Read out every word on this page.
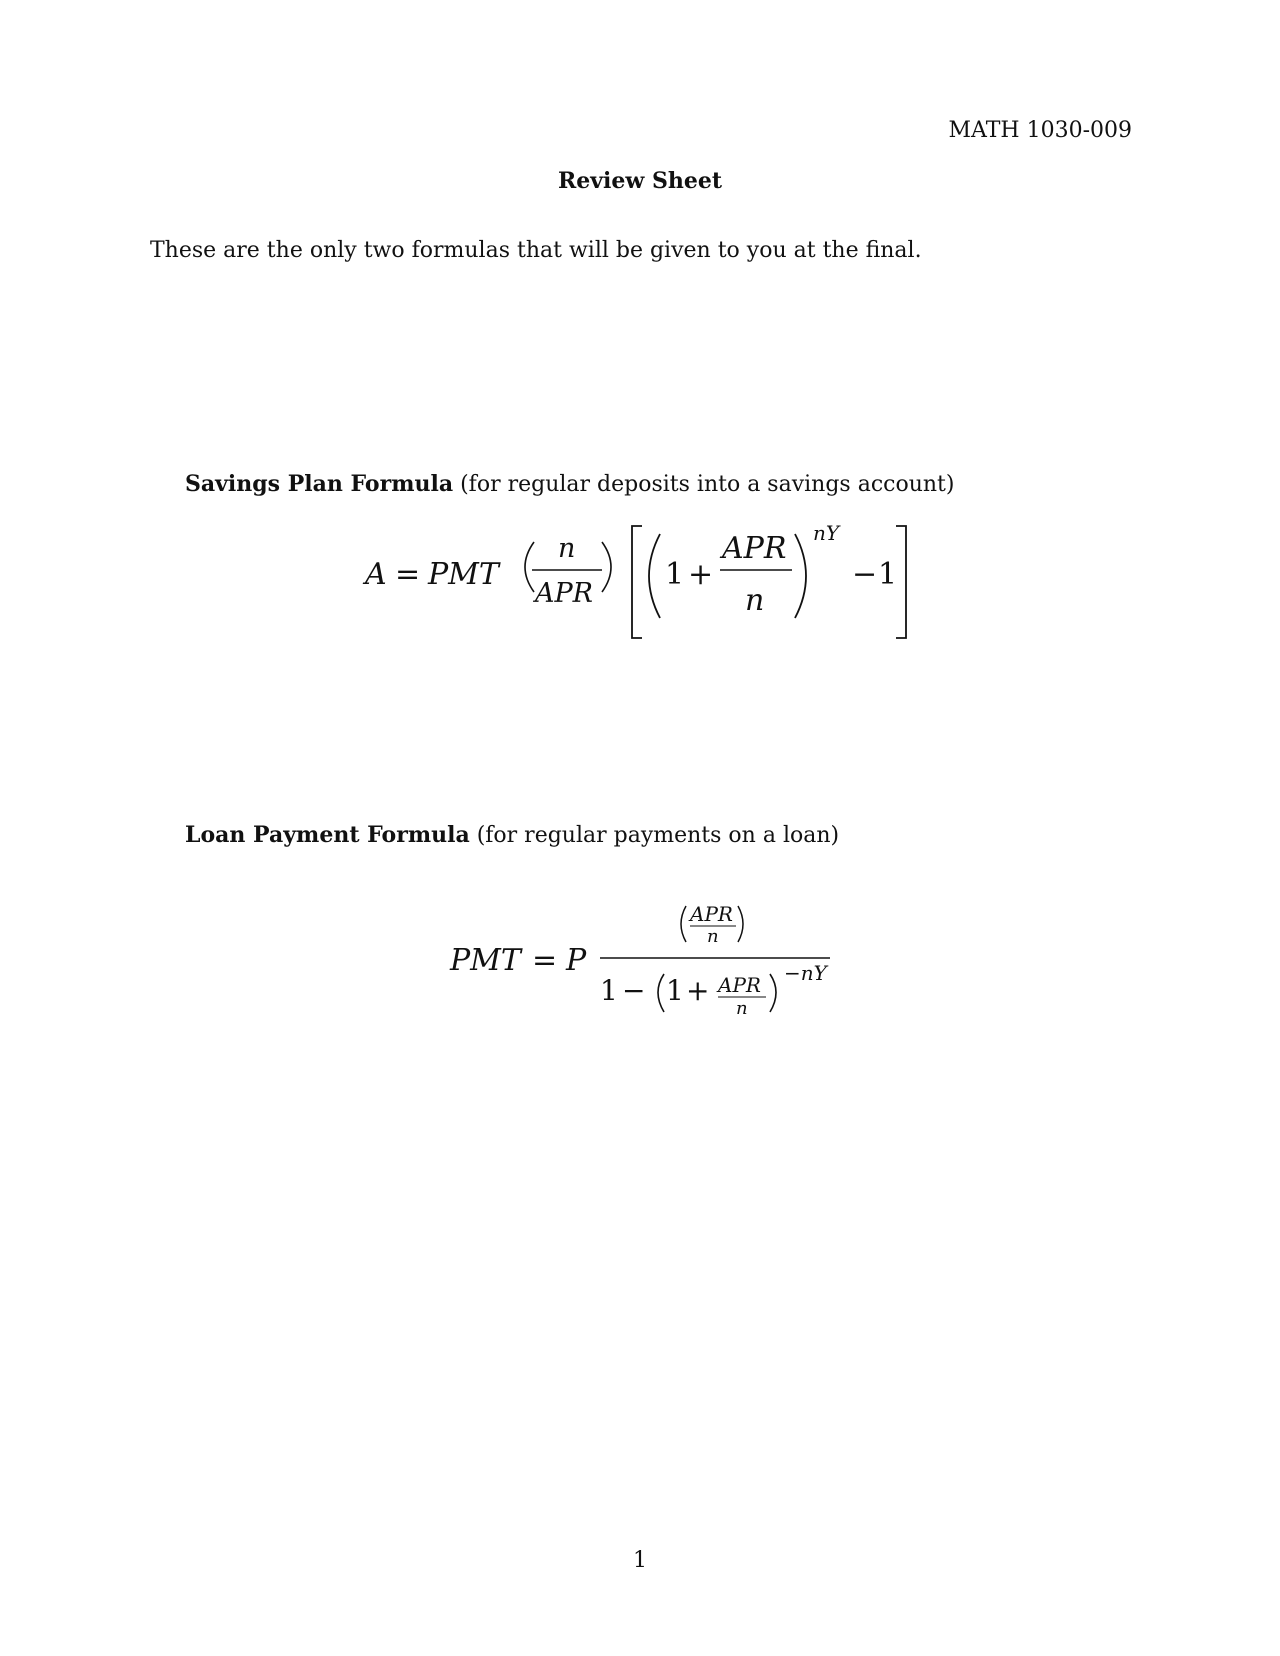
MATH 1030-009
Review Sheet
These are the only two formulas that will be given to you at the final.
Savings Plan Formula (for regular deposits into a savings account)
A = PMT
n
APR
1 +
APR
n
nY
− 1
Loan Payment Formula (for regular payments on a loan)
PMT = P
APR
n
1 − 1 + APR
n
−nY
1
